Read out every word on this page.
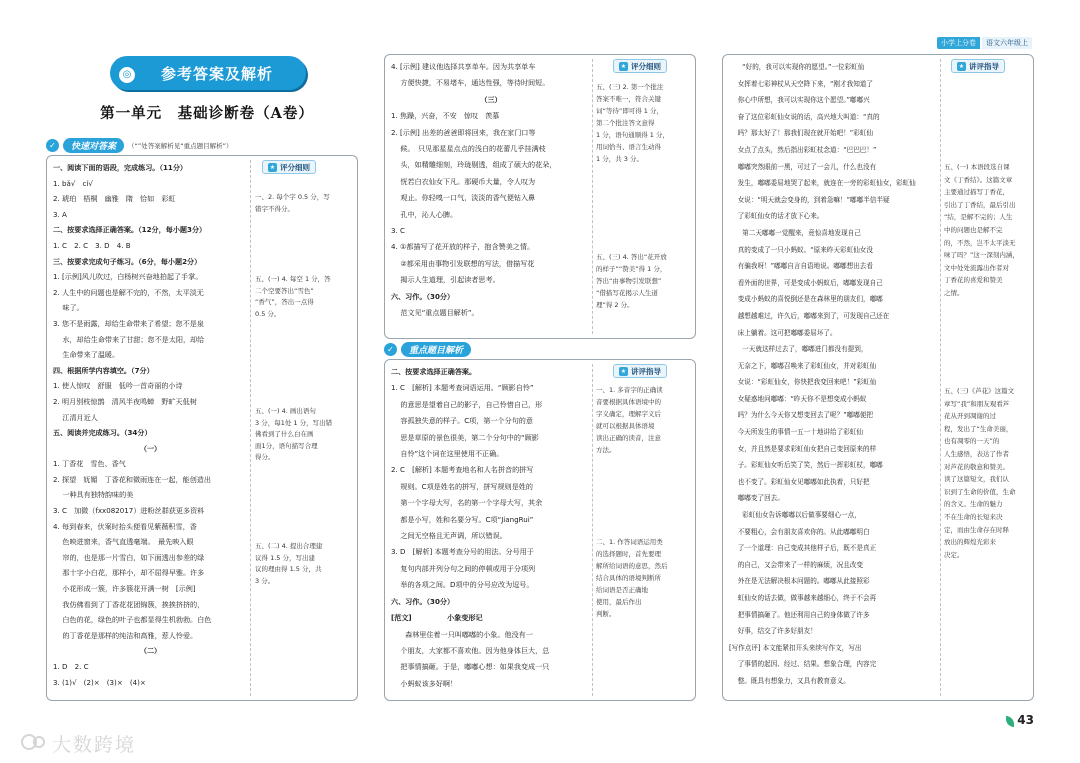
小学上分卷	语文六年级上
参考答案及解析
◎
第一单元　基础诊断卷（A卷）
✓	快速对答案	（“”处答案解析见“重点题目解析”）
★ 评分细则
一、阅读下面的语段，完成练习。（11分）
1. bǎ√　cí√
2. 琥珀　梧桐　幽雅　隋　恰如　彩虹
3. A
二、按要求选择正确答案。（12分，每小题3分）
1. C　2. C　3. D　4. B
三、按要求完成句子练习。（6分，每小题2分）
1. [示例]风儿吹过，白杨树兴奋地拍起了手掌。
2. 人生中的问题也是解不完的，不然，太平淡无
　 味了。
3. 您不是雨露，却给生命带来了希望；您不是泉
　 水，却给生命带来了甘甜；您不是太阳，却给
　 生命带来了温暖。
四、根据所学内容填空。（7分）
1. 使人惊叹　舒服　低吟一首奇丽的小诗
2. 明月别枝惊鹊　清风半夜鸣蝉　野旷天低树
　 江清月近人
五、阅读并完成练习。（34分）
（一）
1. 丁香花　雪色、香气
2. 探望　妩媚　丁香花和微雨连在一起，能创造出
　 一种具有独特韵味的美
3. C　加微（fxx082017）进粉丝群获更多资料
4. 每到春来，伏案时抬头便看见紫薇积雪，香
　 色映进窗来，香气直透毫端。　最先映入眼
　 帘的，也是那一片雪白，如下面透出参差的绿
　 那十字小白花，那样小，却不屈得早雅。许多
　 小花形成一簇，许多簇花开满一树　[示例]
　 我仿佛看到了丁香花花团锦簇，挨挨挤挤的，
　 白色的花，绿色的叶子也都显得生机勃勃。白色
　 的丁香花是那样的纯洁和高雅，惹人怜爱。
（二）
1. D　2. C
3. (1)√　(2)×　(3)×　(4)×
一、2. 每个字 0.5 分，写
错字不得分。
五、(一) 4. 每空 1 分，答
二个空要答出“雪色”
“香气”，答出一点得
0.5 分。
五、(一) 4. 画出语句
3 分，每1处 1 分，写出错
佛看到了什么白在画
面1分，语句描写合理
得分。
五、(二) 4. 提出合理建
议得 1.5 分，写出建
议的理由得 1.5 分，共
3 分。
★ 评分细则
4. [示例] 建议他选择共享单车。因为共享单车
　 方便快捷，不易堵车，通达性强，等待时间短。
（三）
1. 焦躁，兴奋，不安　惊叹　羡慕
2. [示例] 出差的爸爸即将回来，我在家门口等
　 候。　只见那星星点点的浅白的花蕾几乎挂满枝
　 头，如精雕细刻，玲珑剔透，组成了硕大的花朵，
　 恍若白衣仙女下凡。那硬币大量，令人叹为
　 观止。你轻嗅一口气，淡淡的香气便钻入鼻
　 孔中，沁人心脾。
3. C
4. ①都描写了花开放的样子，抱含赞美之情。
　 ②都采用由事物引发联想的写法，借描写花
　 揭示人生道理，引起读者思考。
六、习作。（30分）
　 范文见“重点题目解析”。
五、(三) 2. 第一个批注
答案不唯一，符合关键
词“等待”即可得 1 分，
第二个批注答文意得
1 分，语句通顺得 1 分，
用词恰当、语言生动得
1 分，共 3 分。
五、(三) 4. 答出“花开放
的样子”“赞美”得 1 分，
答出“由事物引发联想”
“借描写花揭示人生道
理”得 2 分。
✓	重点题目解析
★ 讲评指导
二、按要求选择正确答案。
1. C　[解析] 本题考查词语运用。“顾影自怜”
　 的意思是望着自己的影子，自己怜惜自己，形
　 容孤独失意的样子。C项，第一个分句的意
　 思是草原的景色很美，第二个分句中的“顾影
　 自怜”这个词在这里使用不正确。
2. C　[解析] 本题考查地名和人名拼音的拼写
　 规则。C项是姓名的拼写，拼写规则是姓的
　 第一个字母大写，名的第一个字母大写，其余
　 都是小写，姓和名要分写。C项“JiangRui”
　 之间无空格且无声调，所以错误。
3. D　[解析] 本题考查分号的用法。分号用于
　 复句内部并列分句之间的停顿或用于分项列
　 举的各项之间。D项中的分号应改为逗号。
六、习作。（30分）
[范文]　　　　　小象变形记
　　森林里住着一只叫嘟嘟的小象。他没有一
　 个朋友，大家都不喜欢他。因为他身体巨大，总
　 把事情搞砸。于是，嘟嘟心想：如果我变成一只
　 小蚂蚁该多好啊！
一、1. 多音字的正确读
音要根据具体语境中的
字义确定，理解字义后
就可以根据具体语境
读出正确的读音，注意
方法。
二、1. 作答词语运用类
的选择题时，首先要理
解所给词语的意思，然后
结合具体的语境判断所
给词语是否正确地
使用，最后作出
判断。
★ 讲评指导
　　“好的，我可以实现你的愿望。”一位彩虹仙
　 女挥着七彩神杖从天空降下来，“刚才我知道了
　 你心中所想，我可以实现你这个愿望。”嘟嘟兴
　 奋了这位彩虹仙女说的话，高兴地大叫道：“真的
　 吗？那太好了！那我们现在就开始吧！”彩虹仙
　 女点了点头，然后指出彩虹杖念道：“巴巴巴！”
　 嘟嘟突然眼前一黑，可过了一会儿，什么也没有
　 发生，嘟嘟委屈地哭了起来，就连在一旁的彩虹仙女，彩虹仙
　 女说：“明天就会变身的，到着急嘛！”嘟嘟半信半疑
　 了彩虹仙女的话才放下心来。
　　第二天嘟嘟一觉醒来，竟惊喜地发现自己
　 真的变成了一只小蚂蚁。“原来昨天彩虹仙女没
　 有骗我呀！”嘟嘟自言自语地说。嘟嘟想出去看
　 看外面的世界，可是变成小蚂蚁后，嘟嘟发现自己
　 变成小蚂蚁的喜悦倒还是在森林里的朋友们，嘟嘟
　 越想越难过，许久后，嘟嘟来到了，可发现自己还在
　 床上躺着。这可把嘟嘟委屈坏了。
　　一天就这样过去了，嘟嘟进门都没有提到，
　 无奈之下，嘟嘟召唤来了彩虹仙女，并对彩虹仙
　 女说：“彩虹仙女，你快把我变回来吧！”彩虹仙
　 女疑惑地问嘟嘟：“昨天你不是想变成小蚂蚁
　 吗？为什么今天你又想变回去了呢？”嘟嘟便把
　 今天所发生的事情一五一十地讲给了彩虹仙
　 女，并且然是要求彩虹仙女把自己变回原来的样
　 子。彩虹仙女听后笑了笑，然后一挥彩虹杖，嘟嘟
　 也不变了。彩虹仙女见嘟嘟如此执着，只好把
　 嘟嘟变了回去。
　　彩虹仙女告诉嘟嘟以后做事要细心一点，
　 不要粗心，会有朋友喜欢你的。从此嘟嘟明白
　 了一个道理：自己变成其他样子后，既不是真正
　 的自己，又会带来了一样的麻烦，况且改变
　 外在是无法解决根本问题的。嘟嘟从此接照彩
　 虹仙女的话去做，做事越来越细心，终于不会再
　 把事情搞砸了。他还利用自己的身体做了许多
　 好事，结交了许多好朋友！
[写作点评] 本文能紧扣开头来续写作文，写出
　 了事情的起因、经过、结果。想象合理，内容完
　 整。既具有想象力，又具有教育意义。
五、(一) 本语段选自课
文《丁香结》。这篇文章
主要通过描写丁香花，
引出了丁香结，最后引出
“结，是解不完的；人生
中的问题也是解不完
的，不然，岂不太平淡无
味了吗？”这一深刻内涵，
文中处处流露出作者对
丁香花的喜爱和赞美
之情。
五、(三)《芦花》这篇文
章写“我”和朋友观看芦
花从开到凋谢的过
程，发出了“生命美丽，
也有凋零的一天”的
人生感悟，表达了作者
对芦花的敬意和赞美。
读了这篇短文，我们认
识到了生命的价值，生命
的含义。生命的魅力
不在生命的长短来决
定，而由生命存在时释
放出的辉煌光彩来
决定。
43
大数跨境
